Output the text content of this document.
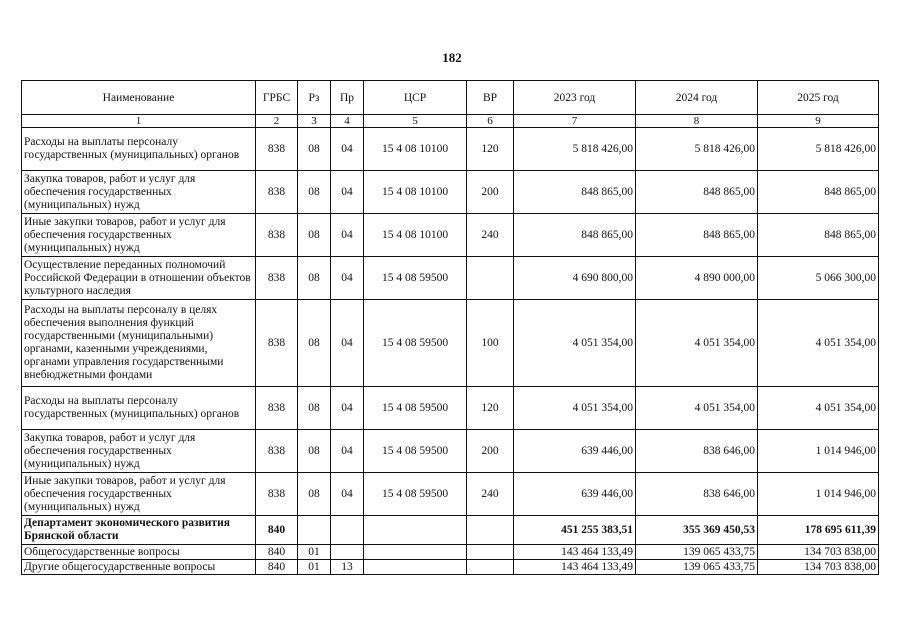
182
Наименование	ГРБС	Рз	Пр	ЦСР	ВР	2023 год	2024 год	2025 год
1	2	3	4	5	6	7	8	9
Расходы на выплаты персоналу государственных (муниципальных) органов	838	08	04	15 4 08 10100	120	5 818 426,00	5 818 426,00	5 818 426,00
Закупка товаров, работ и услуг для обеспечения государственных (муниципальных) нужд	838	08	04	15 4 08 10100	200	848 865,00	848 865,00	848 865,00
Иные закупки товаров, работ и услуг для обеспечения государственных (муниципальных) нужд	838	08	04	15 4 08 10100	240	848 865,00	848 865,00	848 865,00
Осуществление переданных полномочий Российской Федерации в отношении объектов культурного наследия	838	08	04	15 4 08 59500		4 690 800,00	4 890 000,00	5 066 300,00
Расходы на выплаты персоналу в целях обеспечения выполнения функций государственными (муниципальными) органами, казенными учреждениями, органами управления государственными внебюджетными фондами	838	08	04	15 4 08 59500	100	4 051 354,00	4 051 354,00	4 051 354,00
Расходы на выплаты персоналу государственных (муниципальных) органов	838	08	04	15 4 08 59500	120	4 051 354,00	4 051 354,00	4 051 354,00
Закупка товаров, работ и услуг для обеспечения государственных (муниципальных) нужд	838	08	04	15 4 08 59500	200	639 446,00	838 646,00	1 014 946,00
Иные закупки товаров, работ и услуг для обеспечения государственных (муниципальных) нужд	838	08	04	15 4 08 59500	240	639 446,00	838 646,00	1 014 946,00
Департамент экономического развития Брянской области	840					451 255 383,51	355 369 450,53	178 695 611,39
Общегосударственные вопросы	840	01				143 464 133,49	139 065 433,75	134 703 838,00
Другие общегосударственные вопросы	840	01	13			143 464 133,49	139 065 433,75	134 703 838,00
